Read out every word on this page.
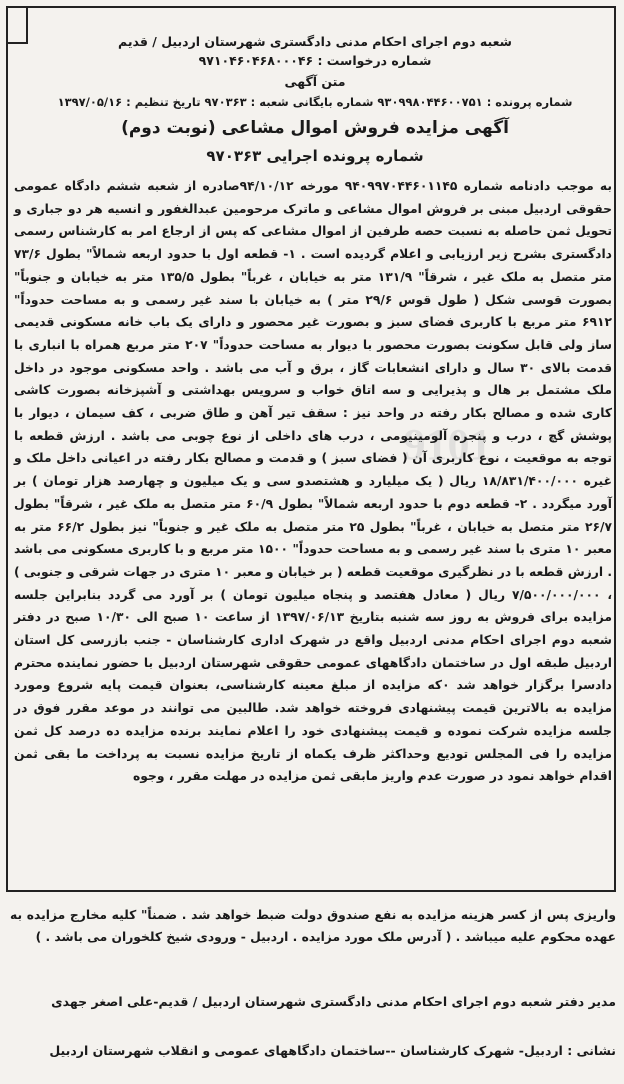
شعبه دوم اجرای احکام مدنی دادگستری شهرستان اردبیل / قدیم
شماره درخواست : ۹۷۱۰۴۶۰۴۶۸۰۰۰۴۶
متن آگهی
شماره پرونده : ۹۳۰۹۹۸۰۴۴۶۰۰۷۵۱ شماره بایگانی شعبه : ۹۷۰۳۶۳ تاریخ تنظیم : ۱۳۹۷/۰۵/۱۶
آگهی مزایده فروش اموال مشاعی (نوبت دوم)
شماره پرونده اجرایی ۹۷۰۳۶۳
9101
به موجب دادنامه شماره ۹۴۰۹۹۷۰۴۴۶۰۱۱۴۵ مورخه ۹۴/۱۰/۱۲صادره از شعبه ششم دادگاه عمومی حقوقی اردبیل مبنی بر فروش اموال مشاعی و ماترک مرحومین عبدالغفور و انسیه هر دو جباری و تحویل ثمن حاصله به نسبت حصه طرفین از اموال مشاعی که پس از ارجاع امر به کارشناس رسمی دادگستری بشرح زیر ارزیابی و اعلام گردیده است . ۱- قطعه اول با حدود اربعه شمالاً" بطول ۷۳/۶ متر متصل به ملک غیر ، شرقاً" ۱۳۱/۹ متر به خیابان ، غرباً" بطول ۱۳۵/۵ متر به خیابان و جنوباً" بصورت قوسی شکل ( طول قوس ۲۹/۶ متر ) به خیابان با سند غیر رسمی و به مساحت حدوداً" ۶۹۱۲ متر مربع با کاربری فضای سبز و بصورت غیر محصور و دارای یک باب خانه مسکونی قدیمی ساز ولی قابل سکونت بصورت محصور با دیوار به مساحت حدوداً" ۲۰۷ متر مربع همراه با انباری با قدمت بالای ۳۰ سال و دارای انشعابات گاز ، برق و آب می باشد . واحد مسکونی موجود در داخل ملک مشتمل بر هال و پذیرایی و سه اتاق خواب و سرویس بهداشتی و آشپزخانه بصورت کاشی کاری شده و مصالح بکار رفته در واحد نیز : سقف تیر آهن و طاق ضربی ، کف سیمان ، دیوار با پوشش گچ ، درب و پنجره آلومینیومی ، درب های داخلی از نوع چوبی می باشد . ارزش قطعه با توجه به موقعیت ، نوع کاربری آن ( فضای سبز ) و قدمت و مصالح بکار رفته در اعیانی داخل ملک و غیره ۱۸/۸۳۱/۴۰۰/۰۰۰ ریال ( یک میلیارد و هشتصدو سی و یک میلیون و چهارصد هزار تومان ) بر آورد میگردد . ۲- قطعه دوم با حدود اربعه شمالاً" بطول ۶۰/۹ متر متصل به ملک غیر ، شرقاً" بطول ۲۶/۷ متر متصل به خیابان ، غرباً" بطول ۲۵ متر متصل به ملک غیر و جنوباً" نیز بطول ۶۶/۲ متر به معبر ۱۰ متری با سند غیر رسمی و به مساحت حدوداً" ۱۵۰۰ متر مربع و با کاربری مسکونی می باشد . ارزش قطعه با در نظرگیری موقعیت قطعه ( بر خیابان و معبر ۱۰ متری در جهات شرقی و جنوبی ) ، ۷/۵۰۰/۰۰۰/۰۰۰ ریال ( معادل هفتصد و پنجاه میلیون تومان ) بر آورد می گردد بنابراین جلسه مزایده برای فروش به روز سه شنبه بتاریخ ۱۳۹۷/۰۶/۱۳ از ساعت ۱۰ صبح الی ۱۰/۳۰ صبح در دفتر شعبه دوم اجرای احکام مدنی اردبیل واقع در شهرک اداری کارشناسان - جنب بازرسی کل استان اردبیل طبقه اول در ساختمان دادگاههای عمومی حقوقی شهرستان اردبیل با حضور نماینده محترم دادسرا برگزار خواهد شد ٠که مزایده از مبلغ معینه کارشناسی، بعنوان قیمت پایه شروع ومورد مزایده به بالاترین قیمت پیشنهادی فروخته خواهد شد. طالبین می توانند در موعد مقرر فوق در جلسه مزایده شرکت نموده و قیمت پیشنهادی خود را اعلام نمایند برنده مزایده ده درصد کل ثمن مزایده را فی المجلس تودیع وحداکثر ظرف یکماه از تاریخ مزایده نسبت به پرداخت ما بقی ثمن اقدام خواهد نمود در صورت عدم واریز مابقی ثمن مزایده در مهلت مقرر ، وجوه
واریزی پس از کسر هزینه مزایده به نفع صندوق دولت ضبط خواهد شد . ضمناً" کلیه مخارج مزایده به عهده محکوم علیه میباشد . ( آدرس ملک مورد مزایده . اردبیل - ورودی شیخ کلخوران می باشد . )
مدیر دفتر شعبه دوم اجرای احکام مدنی دادگستری شهرستان اردبیل / قدیم-علی اصغر جهدی
نشانی : اردبیل- شهرک کارشناسان --ساختمان دادگاههای عمومی و انقلاب شهرستان اردبیل
